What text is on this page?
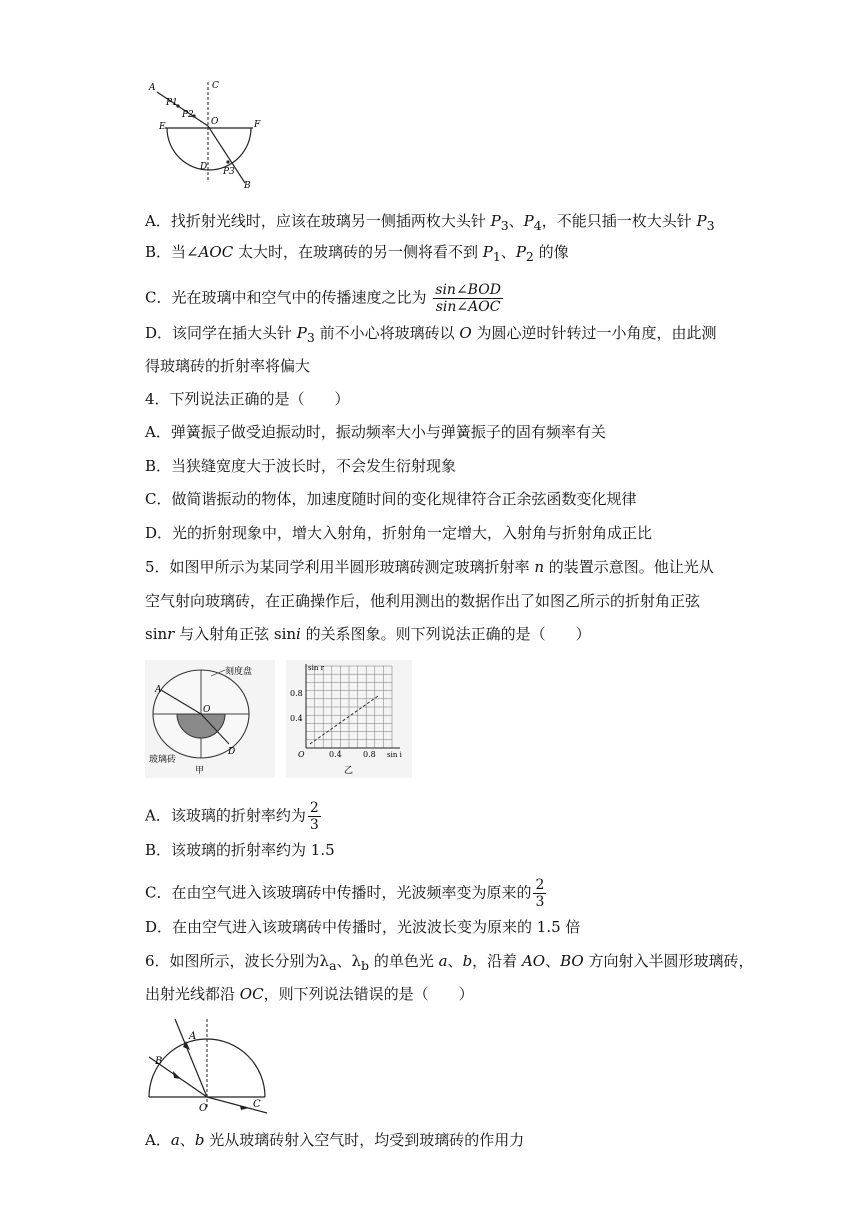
A	C
P1
P2
E	O	F
D P3
B
A．找折射光线时，应该在玻璃另一侧插两枚大头针 $P_3$、$P_4$，不能只插一枚大头针 $P_3$
B．当∠AOC 太大时，在玻璃砖的另一侧将看不到 $P_1$、$P_2$ 的像
C．光在玻璃中和空气中的传播速度之比为 $\frac{\text{sin∠BOD}}{\text{sin∠AOC}}$
D．该同学在插大头针 $P_3$ 前不小心将玻璃砖以 O 为圆心逆时针转过一小角度，由此测
得玻璃砖的折射率将偏大
4．下列说法正确的是（　　）
A．弹簧振子做受迫振动时，振动频率大小与弹簧振子的固有频率有关
B．当狭缝宽度大于波长时，不会发生衍射现象
C．做简谐振动的物体，加速度随时间的变化规律符合正余弦函数变化规律
D．光的折射现象中，增大入射角，折射角一定增大，入射角与折射角成正比
5．如图甲所示为某同学利用半圆形玻璃砖测定玻璃折射率 n 的装置示意图。他让光从
空气射向玻璃砖，在正确操作后，他利用测出的数据作出了如图乙所示的折射角正弦
sinr 与入射角正弦 sini 的关系图象。则下列说法正确的是（　　）
刻度盘
A
O
D
玻璃砖
甲
sin r
0.8
0.4
O	0.4	0.8 sin i
乙
A．该玻璃的折射率约为 $\frac{2}{3}$
B．该玻璃的折射率约为 1.5
C．在由空气进入该玻璃砖中传播时，光波频率变为原来的 $\frac{2}{3}$
D．在由空气进入该玻璃砖中传播时，光波波长变为原来的 1.5 倍
6．如图所示，波长分别为$\lambda_a$、$\lambda_b$ 的单色光 a、b，沿着 AO、BO 方向射入半圆形玻璃砖，
出射光线都沿 OC，则下列说法错误的是（　　）
A
B
O	C
A．a、b 光从玻璃砖射入空气时，均受到玻璃砖的作用力
